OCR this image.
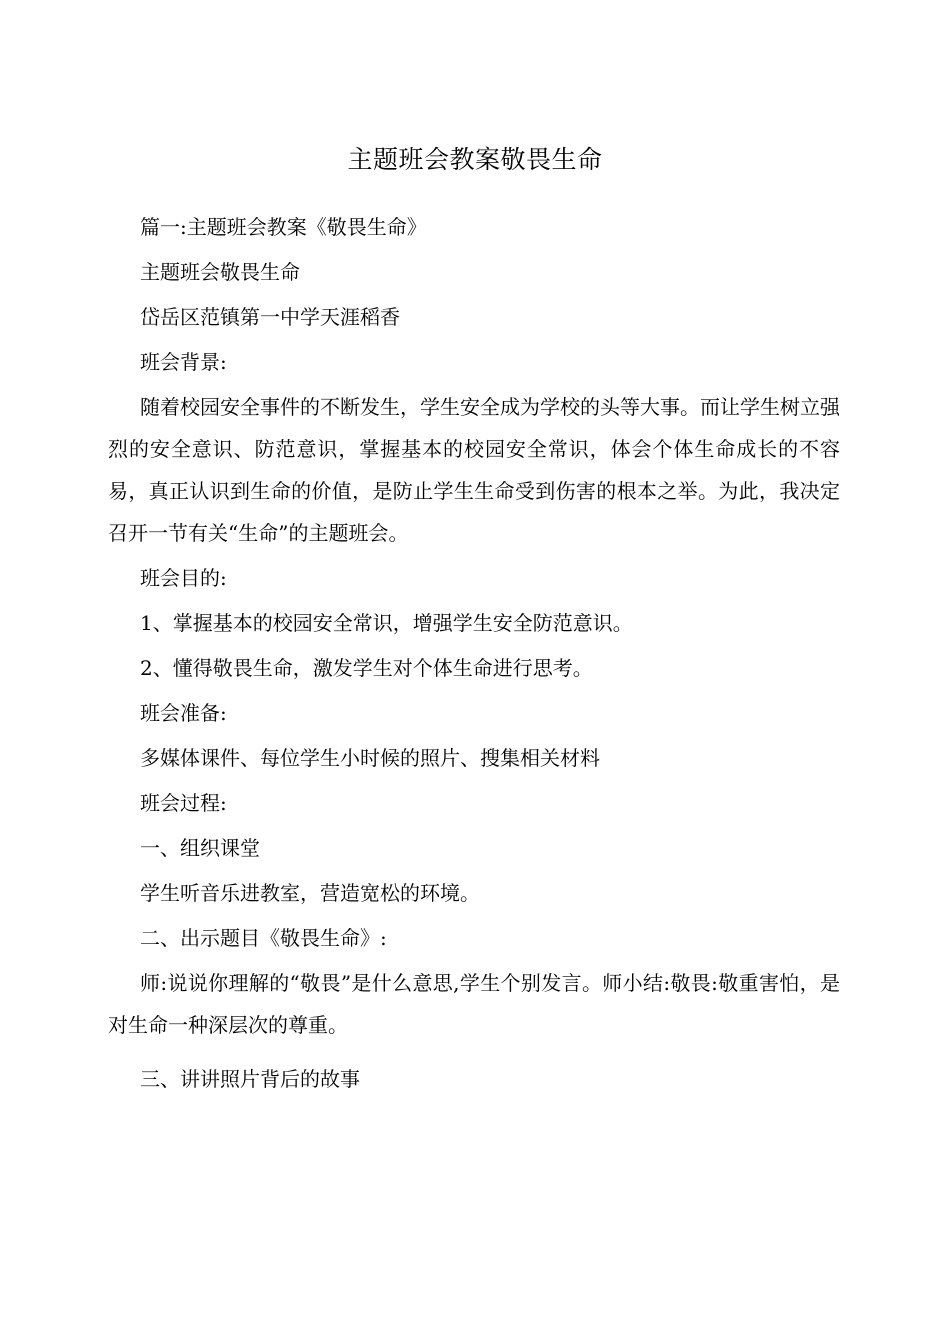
主题班会教案敬畏生命

篇一:主题班会教案《敬畏生命》

主题班会敬畏生命

岱岳区范镇第一中学天涯稻香

班会背景:

随着校园安全事件的不断发生，学生安全成为学校的头等大事。而让学生树立强烈的安全意识、防范意识，掌握基本的校园安全常识，体会个体生命成长的不容易，真正认识到生命的价值，是防止学生生命受到伤害的根本之举。为此，我决定召开一节有关“生命”的主题班会。

班会目的:

1、掌握基本的校园安全常识，增强学生安全防范意识。

2、懂得敬畏生命，激发学生对个体生命进行思考。

班会准备:

多媒体课件、每位学生小时候的照片、搜集相关材料

班会过程:

一、组织课堂

学生听音乐进教室，营造宽松的环境。

二、出示题目《敬畏生命》:

师:说说你理解的“敬畏”是什么意思,学生个别发言。师小结:敬畏:敬重害怕，是对生命一种深层次的尊重。

三、讲讲照片背后的故事
